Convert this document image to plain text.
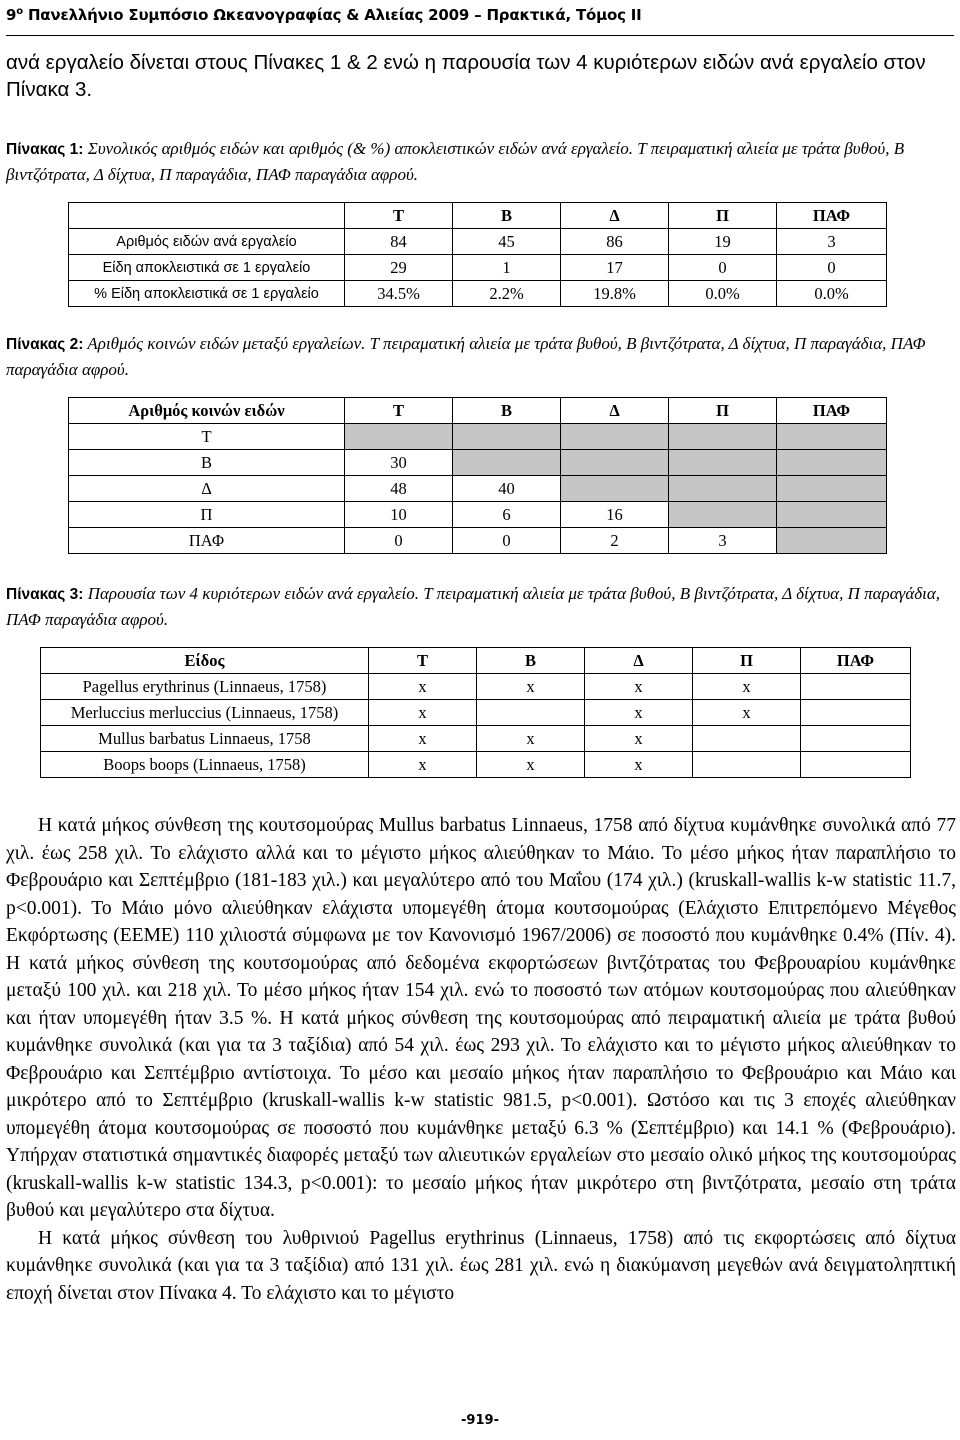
$9^o$ Πανελλήνιο Συμπόσιο Ωκεανογραφίας & Αλιείας 2009 – Πρακτικά, Τόμος ΙΙ

ανά εργαλείο δίνεται στους Πίνακες 1 & 2 ενώ η παρουσία των 4 κυριότερων ειδών ανά εργαλείο στον Πίνακα 3.

Πίνακας 1: Συνολικός αριθμός ειδών και αριθμός (& %) αποκλειστικών ειδών ανά εργαλείο. Τ πειραματική αλιεία με τράτα βυθού, Β βιντζότρατα, Δ δίχτυα, Π παραγάδια, ΠΑΦ παραγάδια αφρού.

	Τ	Β	Δ	Π	ΠΑΦ
Αριθμός ειδών ανά εργαλείο	84	45	86	19	3
Είδη αποκλειστικά σε 1 εργαλείο	29	1	17	0	0
% Είδη αποκλειστικά σε 1 εργαλείο	34.5%	2.2%	19.8%	0.0%	0.0%

Πίνακας 2: Αριθμός κοινών ειδών μεταξύ εργαλείων. Τ πειραματική αλιεία με τράτα βυθού, Β βιντζότρατα, Δ δίχτυα, Π παραγάδια, ΠΑΦ παραγάδια αφρού.

Αριθμός κοινών ειδών	Τ	Β	Δ	Π	ΠΑΦ
Τ					
Β	30				
Δ	48	40			
Π	10	6	16		
ΠΑΦ	0	0	2	3	

Πίνακας 3: Παρουσία των 4 κυριότερων ειδών ανά εργαλείο. Τ πειραματική αλιεία με τράτα βυθού, Β βιντζότρατα, Δ δίχτυα, Π παραγάδια, ΠΑΦ παραγάδια αφρού.

Είδος	Τ	Β	Δ	Π	ΠΑΦ
Pagellus erythrinus (Linnaeus, 1758)	x	x	x	x	
Merluccius merluccius (Linnaeus, 1758)	x		x	x	
Mullus barbatus Linnaeus, 1758	x	x	x		
Boops boops (Linnaeus, 1758)	x	x	x		

Η κατά μήκος σύνθεση της κουτσομούρας Mullus barbatus Linnaeus, 1758 από δίχτυα κυμάνθηκε συνολικά από 77 χιλ. έως 258 χιλ. Το ελάχιστο αλλά και το μέγιστο μήκος αλιεύθηκαν το Μάιο. Το μέσο μήκος ήταν παραπλήσιο το Φεβρουάριο και Σεπτέμβριο (181-183 χιλ.) και μεγαλύτερο από του Μαΐου (174 χιλ.) (kruskall-wallis k-w statistic 11.7, p<0.001). Το Μάιο μόνο αλιεύθηκαν ελάχιστα υπομεγέθη άτομα κουτσομούρας (Ελάχιστο Επιτρεπόμενο Μέγεθος Εκφόρτωσης (ΕΕΜΕ) 110 χιλιοστά σύμφωνα με τον Κανονισμό 1967/2006) σε ποσοστό που κυμάνθηκε 0.4% (Πίν. 4). Η κατά μήκος σύνθεση της κουτσομούρας από δεδομένα εκφορτώσεων βιντζότρατας του Φεβρουαρίου κυμάνθηκε μεταξύ 100 χιλ. και 218 χιλ. Το μέσο μήκος ήταν 154 χιλ. ενώ το ποσοστό των ατόμων κουτσομούρας που αλιεύθηκαν και ήταν υπομεγέθη ήταν 3.5 %. Η κατά μήκος σύνθεση της κουτσομούρας από πειραματική αλιεία με τράτα βυθού κυμάνθηκε συνολικά (και για τα 3 ταξίδια) από 54 χιλ. έως 293 χιλ. Το ελάχιστο και το μέγιστο μήκος αλιεύθηκαν το Φεβρουάριο και Σεπτέμβριο αντίστοιχα. Το μέσο και μεσαίο μήκος ήταν παραπλήσιο το Φεβρουάριο και Μάιο και μικρότερο από το Σεπτέμβριο (kruskall-wallis k-w statistic 981.5, p<0.001). Ωστόσο και τις 3 εποχές αλιεύθηκαν υπομεγέθη άτομα κουτσομούρας σε ποσοστό που κυμάνθηκε μεταξύ 6.3 % (Σεπτέμβριο) και 14.1 % (Φεβρουάριο). Υπήρχαν στατιστικά σημαντικές διαφορές μεταξύ των αλιευτικών εργαλείων στο μεσαίο ολικό μήκος της κουτσομούρας (kruskall-wallis k-w statistic 134.3, p<0.001): το μεσαίο μήκος ήταν μικρότερο στη βιντζότρατα, μεσαίο στη τράτα βυθού και μεγαλύτερο στα δίχτυα.

Η κατά μήκος σύνθεση του λυθρινιού Pagellus erythrinus (Linnaeus, 1758) από τις εκφορτώσεις από δίχτυα κυμάνθηκε συνολικά (και για τα 3 ταξίδια) από 131 χιλ. έως 281 χιλ. ενώ η διακύμανση μεγεθών ανά δειγματοληπτική εποχή δίνεται στον Πίνακα 4. Το ελάχιστο και το μέγιστο

-919-
